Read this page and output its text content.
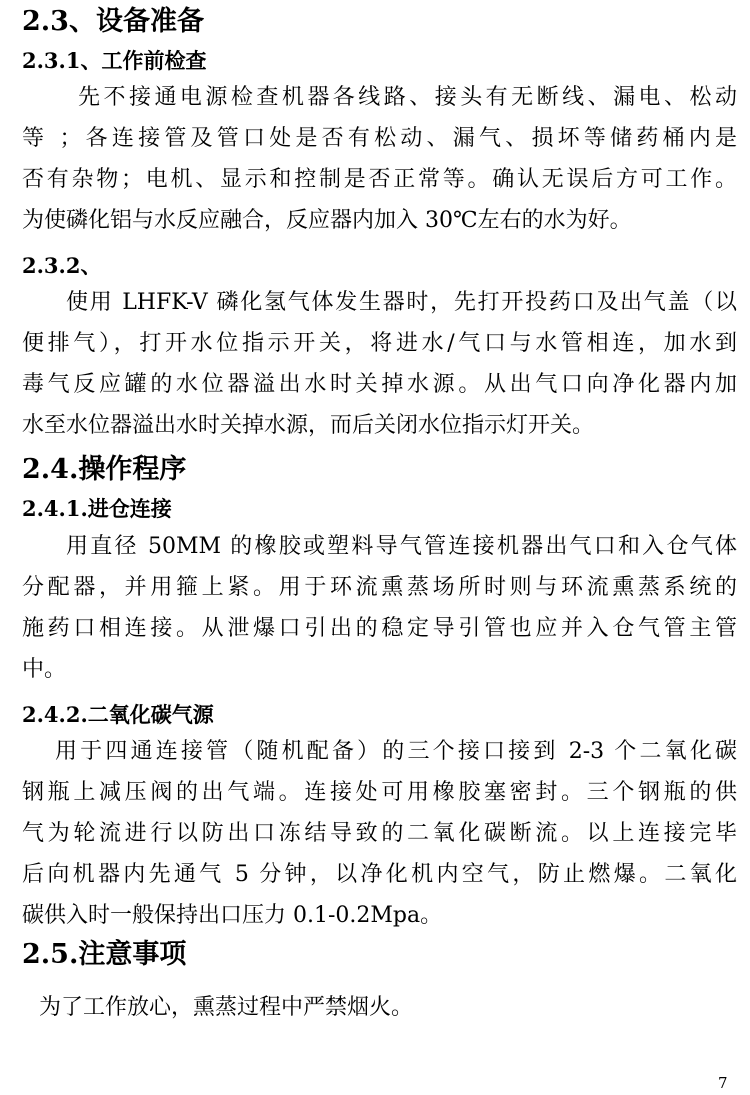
2.3、设备准备
2.3.1、工作前检查
先不接通电源检查机器各线路、接头有无断线、漏电、松动
等 ；各连接管及管口处是否有松动、漏气、损坏等储药桶内是
否有杂物；电机、显示和控制是否正常等。确认无误后方可工作。
为使磷化铝与水反应融合，反应器内加入 30℃左右的水为好。
2.3.2、
使用 LHFK-V 磷化氢气体发生器时，先打开投药口及出气盖（以
便排气），打开水位指示开关，将进水/气口与水管相连，加水到
毒气反应罐的水位器溢出水时关掉水源。从出气口向净化器内加
水至水位器溢出水时关掉水源，而后关闭水位指示灯开关。
2.4.操作程序
2.4.1.进仓连接
用直径 50MM 的橡胶或塑料导气管连接机器出气口和入仓气体
分配器，并用箍上紧。用于环流熏蒸场所时则与环流熏蒸系统的
施药口相连接。从泄爆口引出的稳定导引管也应并入仓气管主管
中。
2.4.2.二氧化碳气源
用于四通连接管（随机配备）的三个接口接到 2-3 个二氧化碳
钢瓶上减压阀的出气端。连接处可用橡胶塞密封。三个钢瓶的供
气为轮流进行以防出口冻结导致的二氧化碳断流。以上连接完毕
后向机器内先通气 5 分钟，以净化机内空气，防止燃爆。二氧化
碳供入时一般保持出口压力 0.1-0.2Mpa。
2.5.注意事项
为了工作放心，熏蒸过程中严禁烟火。
7
